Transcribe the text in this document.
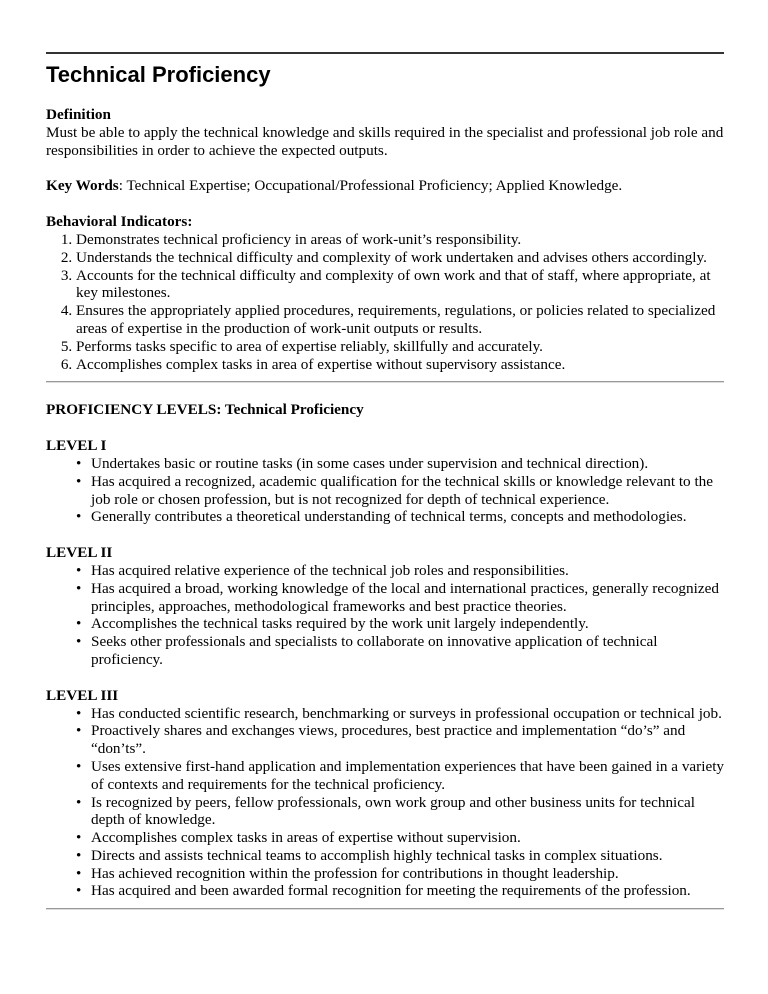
Technical Proficiency

Definition

Must be able to apply the technical knowledge and skills required in the specialist and professional job role and responsibilities in order to achieve the expected outputs.

Key Words: Technical Expertise; Occupational/Professional Proficiency; Applied Knowledge.

Behavioral Indicators:

1. Demonstrates technical proficiency in areas of work-unit’s responsibility.
2. Understands the technical difficulty and complexity of work undertaken and advises others accordingly.
3. Accounts for the technical difficulty and complexity of own work and that of staff, where appropriate, at key milestones.
4. Ensures the appropriately applied procedures, requirements, regulations, or policies related to specialized areas of expertise in the production of work-unit outputs or results.
5. Performs tasks specific to area of expertise reliably, skillfully and accurately.
6. Accomplishes complex tasks in area of expertise without supervisory assistance.

PROFICIENCY LEVELS: Technical Proficiency

LEVEL I

• Undertakes basic or routine tasks (in some cases under supervision and technical direction).
• Has acquired a recognized, academic qualification for the technical skills or knowledge relevant to the job role or chosen profession, but is not recognized for depth of technical experience.
• Generally contributes a theoretical understanding of technical terms, concepts and methodologies.

LEVEL II

• Has acquired relative experience of the technical job roles and responsibilities.
• Has acquired a broad, working knowledge of the local and international practices, generally recognized principles, approaches, methodological frameworks and best practice theories.
• Accomplishes the technical tasks required by the work unit largely independently.
• Seeks other professionals and specialists to collaborate on innovative application of technical proficiency.

LEVEL III

• Has conducted scientific research, benchmarking or surveys in professional occupation or technical job.
• Proactively shares and exchanges views, procedures, best practice and implementation “do’s” and “don’ts”.
• Uses extensive first-hand application and implementation experiences that have been gained in a variety of contexts and requirements for the technical proficiency.
• Is recognized by peers, fellow professionals, own work group and other business units for technical depth of knowledge.
• Accomplishes complex tasks in areas of expertise without supervision.
• Directs and assists technical teams to accomplish highly technical tasks in complex situations.
• Has achieved recognition within the profession for contributions in thought leadership.
• Has acquired and been awarded formal recognition for meeting the requirements of the profession.
